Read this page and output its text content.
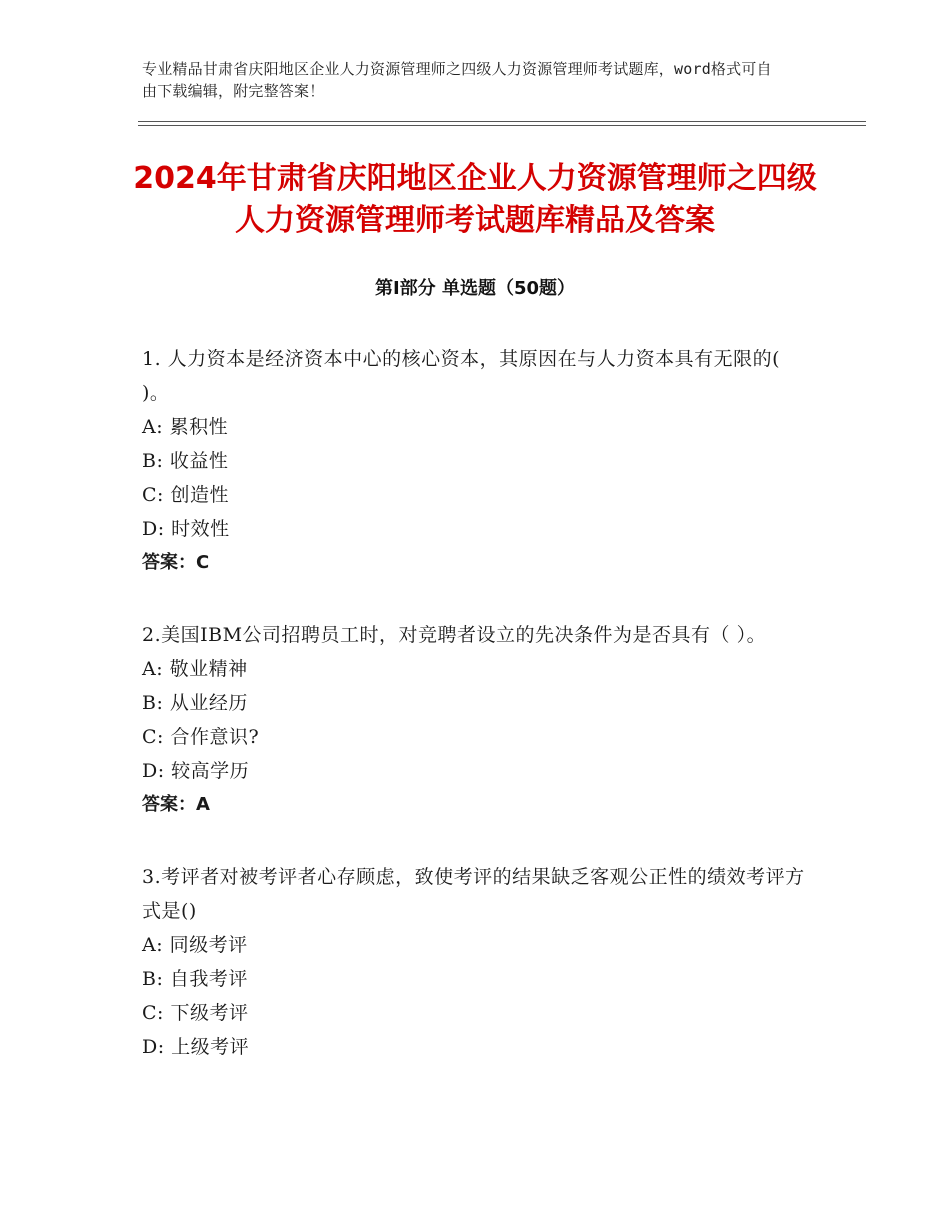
专业精品甘肃省庆阳地区企业人力资源管理师之四级人力资源管理师考试题库，word格式可自由下载编辑，附完整答案！
2024年甘肃省庆阳地区企业人力资源管理师之四级人力资源管理师考试题库精品及答案
第Ⅰ部分 单选题（50题）

1. 人力资本是经济资本中心的核心资本，其原因在与人力资本具有无限的( )。

A: 累积性

B: 收益性

C: 创造性

D: 时效性

答案：C

2.美国IBM公司招聘员工时，对竞聘者设立的先决条件为是否具有（ ）。

A: 敬业精神

B: 从业经历

C: 合作意识?

D: 较高学历

答案：A

3.考评者对被考评者心存顾虑，致使考评的结果缺乏客观公正性的绩效考评方式是()

A: 同级考评

B: 自我考评

C: 下级考评

D: 上级考评
